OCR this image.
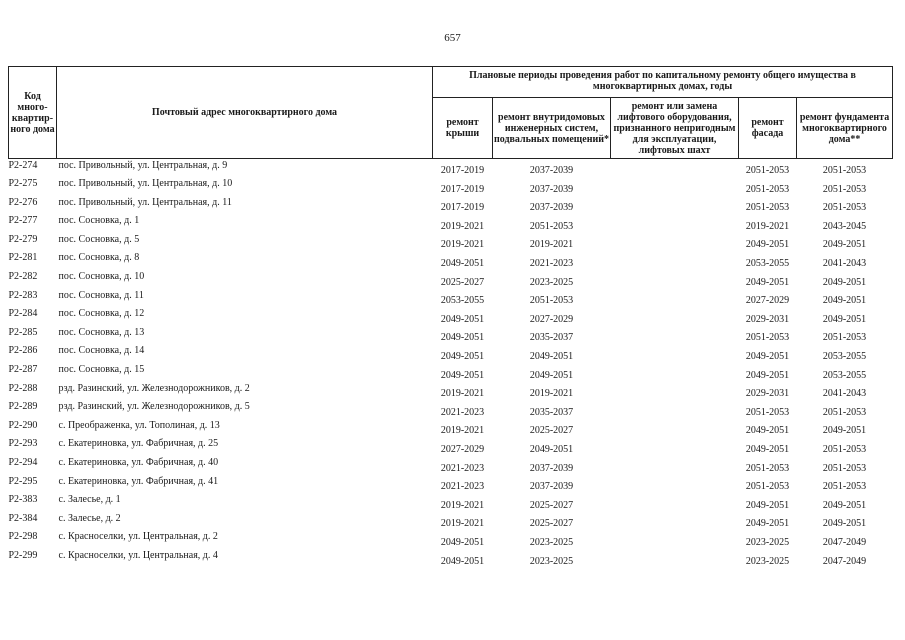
657
Код много-квартир-ного дома	Почтовый адрес многоквартирного дома	Плановые периоды проведения работ по капитальному ремонту общего имущества в многоквартирных домах, годы				
		ремонт крыши	ремонт внутридомовых инженерных систем, подвальных помещений*	ремонт или замена лифтового оборудования, признанного непригодным для эксплуатации, лифтовых шахт	ремонт фасада	ремонт фундамента многоквартирного дома**
Р2-274	пос. Привольный, ул. Центральная, д. 9	2017-2019	2037-2039		2051-2053	2051-2053
Р2-275	пос. Привольный, ул. Центральная, д. 10	2017-2019	2037-2039		2051-2053	2051-2053
Р2-276	пос. Привольный, ул. Центральная, д. 11	2017-2019	2037-2039		2051-2053	2051-2053
Р2-277	пос. Сосновка, д. 1	2019-2021	2051-2053		2019-2021	2043-2045
Р2-279	пос. Сосновка, д. 5	2019-2021	2019-2021		2049-2051	2049-2051
Р2-281	пос. Сосновка, д. 8	2049-2051	2021-2023		2053-2055	2041-2043
Р2-282	пос. Сосновка, д. 10	2025-2027	2023-2025		2049-2051	2049-2051
Р2-283	пос. Сосновка, д. 11	2053-2055	2051-2053		2027-2029	2049-2051
Р2-284	пос. Сосновка, д. 12	2049-2051	2027-2029		2029-2031	2049-2051
Р2-285	пос. Сосновка, д. 13	2049-2051	2035-2037		2051-2053	2051-2053
Р2-286	пос. Сосновка, д. 14	2049-2051	2049-2051		2049-2051	2053-2055
Р2-287	пос. Сосновка, д. 15	2049-2051	2049-2051		2049-2051	2053-2055
Р2-288	рзд. Разинский, ул. Железнодорожников, д. 2	2019-2021	2019-2021		2029-2031	2041-2043
Р2-289	рзд. Разинский, ул. Железнодорожников, д. 5	2021-2023	2035-2037		2051-2053	2051-2053
Р2-290	с. Преображенка, ул. Тополиная, д. 13	2019-2021	2025-2027		2049-2051	2049-2051
Р2-293	с. Екатериновка, ул. Фабричная, д. 25	2027-2029	2049-2051		2049-2051	2051-2053
Р2-294	с. Екатериновка, ул. Фабричная, д. 40	2021-2023	2037-2039		2051-2053	2051-2053
Р2-295	с. Екатериновка, ул. Фабричная, д. 41	2021-2023	2037-2039		2051-2053	2051-2053
Р2-383	с. Залесье, д. 1	2019-2021	2025-2027		2049-2051	2049-2051
Р2-384	с. Залесье, д. 2	2019-2021	2025-2027		2049-2051	2049-2051
Р2-298	с. Красноселки, ул. Центральная, д. 2	2049-2051	2023-2025		2023-2025	2047-2049
Р2-299	с. Красноселки, ул. Центральная, д. 4	2049-2051	2023-2025		2023-2025	2047-2049
